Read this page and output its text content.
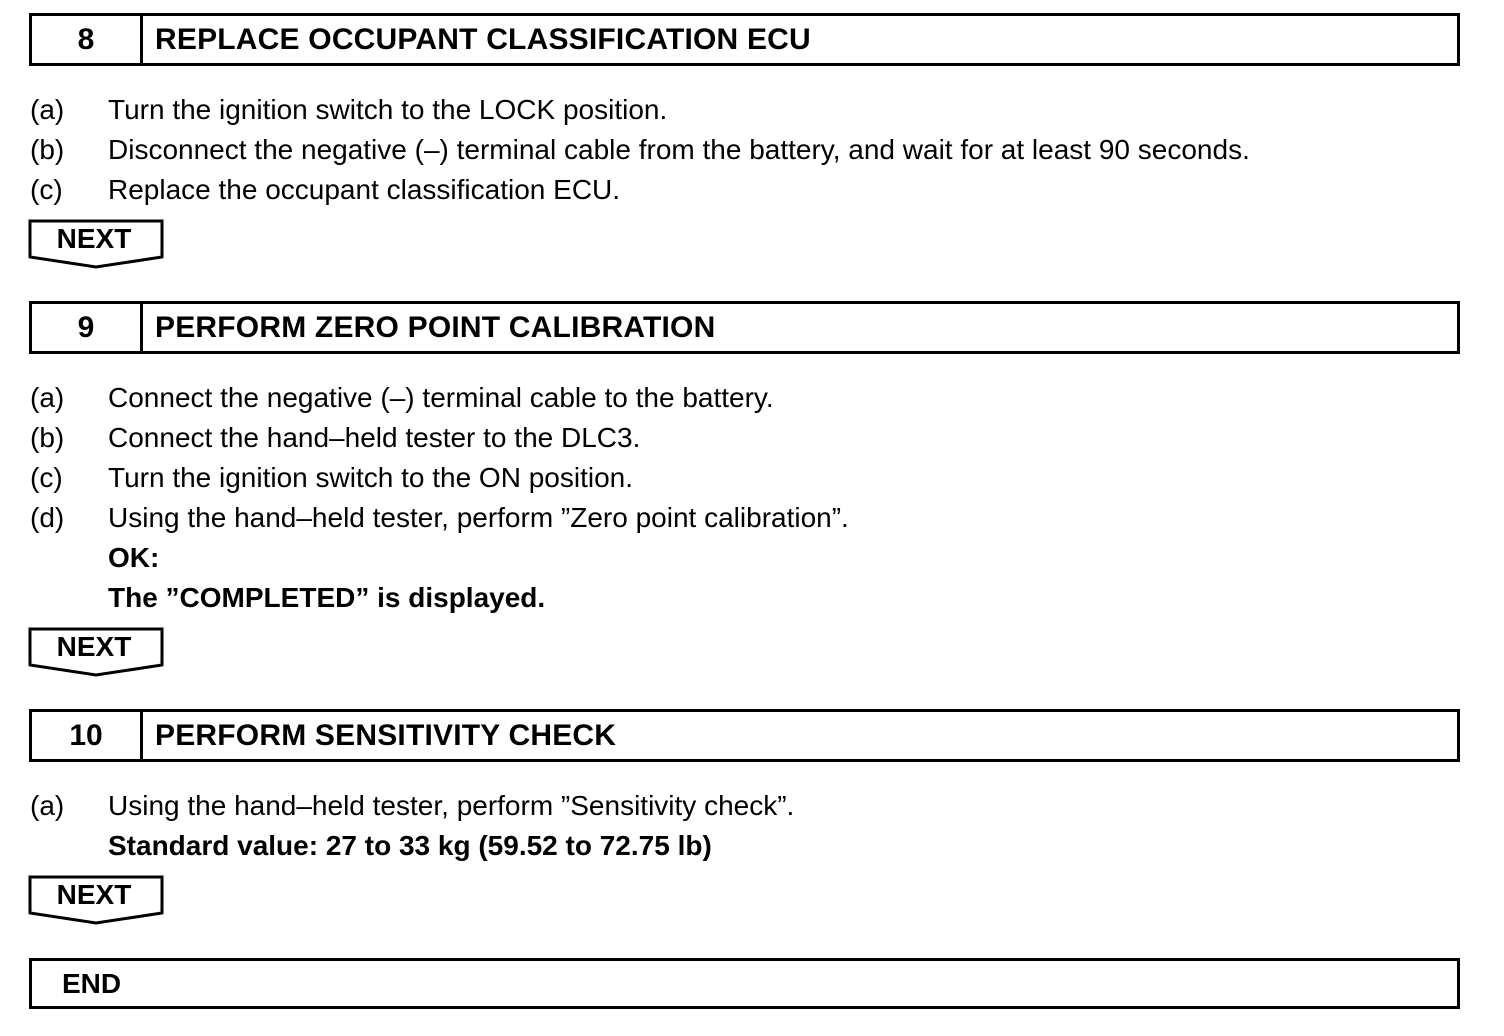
8	REPLACE OCCUPANT CLASSIFICATION ECU
(a)	Turn the ignition switch to the LOCK position.
(b)	Disconnect the negative (–) terminal cable from the battery, and wait for at least 90 seconds.
(c)	Replace the occupant classification ECU.
NEXT
9	PERFORM ZERO POINT CALIBRATION
(a)	Connect the negative (–) terminal cable to the battery.
(b)	Connect the hand–held tester to the DLC3.
(c)	Turn the ignition switch to the ON position.
(d)	Using the hand–held tester, perform ”Zero point calibration”.
OK:
The ”COMPLETED” is displayed.
NEXT
10	PERFORM SENSITIVITY CHECK
(a)	Using the hand–held tester, perform ”Sensitivity check”.
Standard value: 27 to 33 kg (59.52 to 72.75 lb)
NEXT
END
